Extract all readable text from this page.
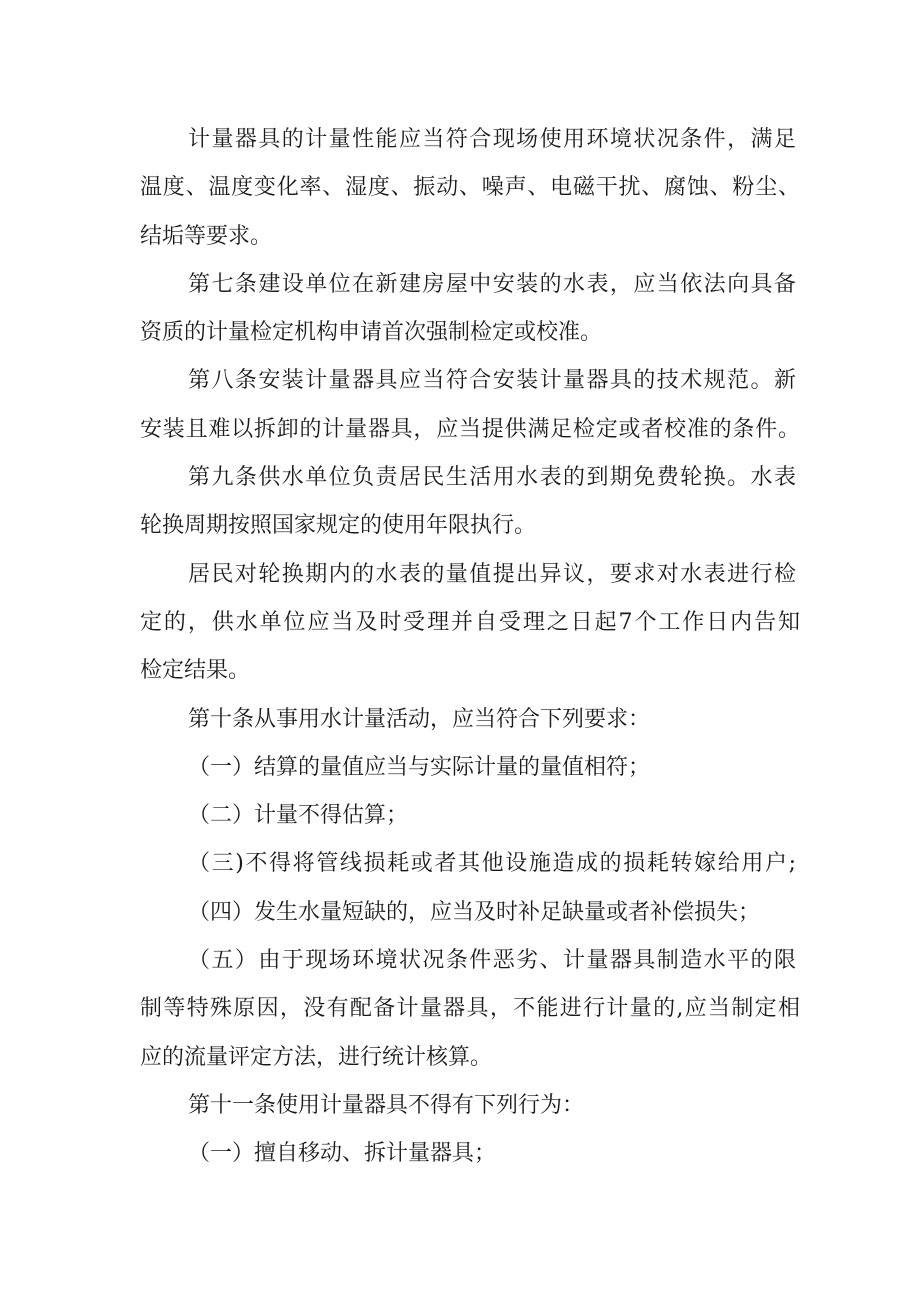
计量器具的计量性能应当符合现场使用环境状况条件，满足
温度、温度变化率、湿度、振动、噪声、电磁干扰、腐蚀、粉尘、
结垢等要求。
第七条建设单位在新建房屋中安装的水表，应当依法向具备
资质的计量检定机构申请首次强制检定或校准。
第八条安装计量器具应当符合安装计量器具的技术规范。新
安装且难以拆卸的计量器具，应当提供满足检定或者校准的条件。
第九条供水单位负责居民生活用水表的到期免费轮换。水表
轮换周期按照国家规定的使用年限执行。
居民对轮换期内的水表的量值提出异议，要求对水表进行检
定的，供水单位应当及时受理并自受理之日起7个工作日内告知
检定结果。
第十条从事用水计量活动，应当符合下列要求：
（一）结算的量值应当与实际计量的量值相符；
（二）计量不得估算；
（三)不得将管线损耗或者其他设施造成的损耗转嫁给用户;
（四）发生水量短缺的，应当及时补足缺量或者补偿损失；
（五）由于现场环境状况条件恶劣、计量器具制造水平的限
制等特殊原因，没有配备计量器具，不能进行计量的,应当制定相
应的流量评定方法，进行统计核算。
第十一条使用计量器具不得有下列行为：
（一）擅自移动、拆计量器具；
